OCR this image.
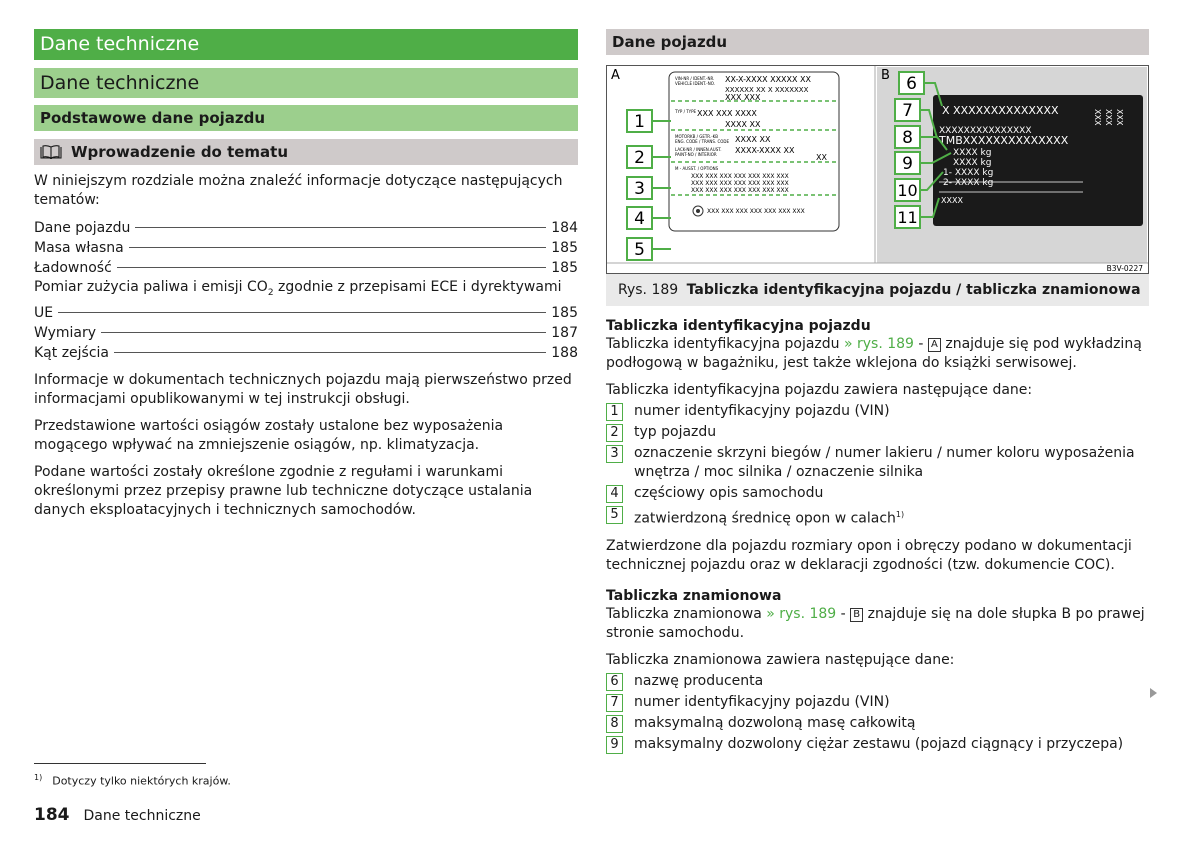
Dane techniczne
Dane techniczne
Podstawowe dane pojazdu
Wprowadzenie do tematu

W niniejszym rozdziale można znaleźć informacje dotyczące następujących tematów:

Dane pojazdu	184
Masa własna	185
Ładowność	185
Pomiar zużycia paliwa i emisji $CO_2$ zgodnie z przepisami ECE i dyrektywami
UE	185
Wymiary	187
Kąt zejścia	188

Informacje w dokumentach technicznych pojazdu mają pierwszeństwo przed informacjami opublikowanymi w tej instrukcji obsługi.

Przedstawione wartości osiągów zostały ustalone bez wyposażenia mogącego wpływać na zmniejszenie osiągów, np. klimatyzacja.

Podane wartości zostały określone zgodnie z regułami i warunkami określonymi przez przepisy prawne lub techniczne dotyczące ustalania danych eksploatacyjnych i technicznych samochodów.

Dane pojazdu
A	VIN-NR / IDENT.-NR.
VEHICLE IDENT.-NO. XX-X-XXXX XXXXX XX
XXXXXX XX X XXXXXXX
XXX XXX
TYP / TYPE XXX XXX XXXX
XXXX XX
MOTORKB / GETR.-KB
ENG. CODE / TRANS. CODE
LACK-NR / INNEN.AUST.
PAINT-NO / INTERIOR
XXXX XX
XXXX-XXXX XX
XX
M - AUSST. / OPTIONS
XXX XXX XXX XXX XXX XXX XXX
XXX XXX XXX XXX XXX XXX XXX
XXX XXX XXX XXX XXX XXX XXX
XXX XXX XXX XXX XXX XXX XXX
1
2
3
4
5
B
X XXXXXXXXXXXXXX
XXXXXXXXXXXXXXX
TMBXXXXXXXXXXXXXX
XXXX kg
XXXX kg
1- XXXX kg
2- XXXX kg
XXXX
XXX XXX XXX
6
7
8
9
10
11
B3V-0227
Rys. 189 Tabliczka identyfikacyjna pojazdu / tabliczka znamionowa
Tabliczka identyfikacyjna pojazdu

Tabliczka identyfikacyjna pojazdu » rys. 189 - A znajduje się pod wykładziną podłogową w bagażniku, jest także wklejona do książki serwisowej.

Tabliczka identyfikacyjna pojazdu zawiera następujące dane:

1	numer identyfikacyjny pojazdu (VIN)
2	typ pojazdu
3	oznaczenie skrzyni biegów / numer lakieru / numer koloru wyposażenia wnętrza / moc silnika / oznaczenie silnika
4	częściowy opis samochodu
5	zatwierdzoną średnicę opon w calach$^{1)}$

Zatwierdzone dla pojazdu rozmiary opon i obręczy podano w dokumentacji technicznej pojazdu oraz w deklaracji zgodności (tzw. dokumencie COC).

Tabliczka znamionowa

Tabliczka znamionowa » rys. 189 - B znajduje się na dole słupka B po prawej stronie samochodu.

Tabliczka znamionowa zawiera następujące dane:

6	nazwę producenta
7	numer identyfikacyjny pojazdu (VIN)
8	maksymalną dozwoloną masę całkowitą
9	maksymalny dozwolony ciężar zestawu (pojazd ciągnący i przyczepa)
$^{1)}$ Dotyczy tylko niektórych krajów.
184 Dane techniczne
